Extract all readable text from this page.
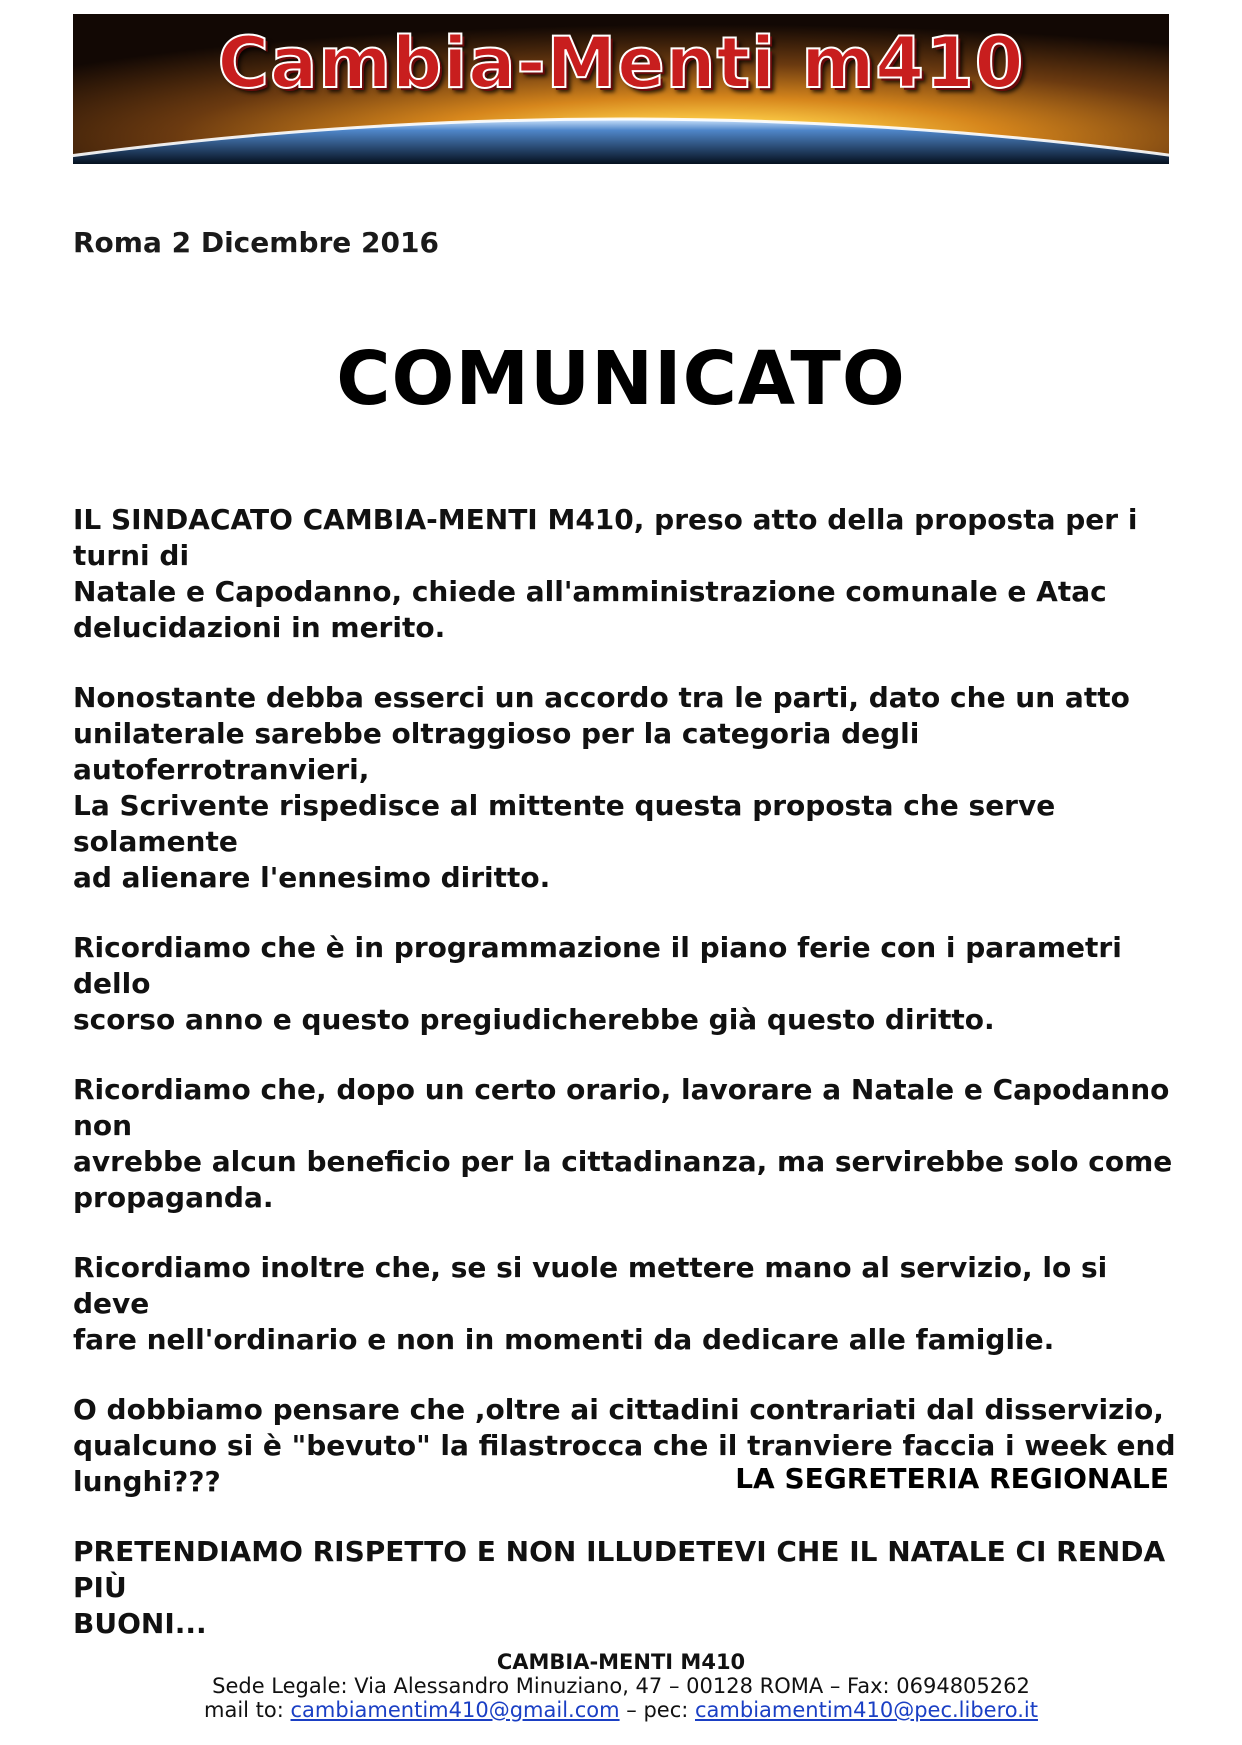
Cambia-Menti m410
Roma 2 Dicembre 2016
COMUNICATO

IL SINDACATO CAMBIA-MENTI M410, preso atto della proposta per i turni di
Natale e Capodanno, chiede all'amministrazione comunale e Atac
delucidazioni in merito.

Nonostante debba esserci un accordo tra le parti, dato che un atto
unilaterale sarebbe oltraggioso per la categoria degli autoferrotranvieri,
La Scrivente rispedisce al mittente questa proposta che serve solamente
ad alienare l'ennesimo diritto.

Ricordiamo che è in programmazione il piano ferie con i parametri dello
scorso anno e questo pregiudicherebbe già questo diritto.

Ricordiamo che, dopo un certo orario, lavorare a Natale e Capodanno non
avrebbe alcun beneficio per la cittadinanza, ma servirebbe solo come
propaganda.

Ricordiamo inoltre che, se si vuole mettere mano al servizio, lo si deve
fare nell'ordinario e non in momenti da dedicare alle famiglie.

O dobbiamo pensare che ,oltre ai cittadini contrariati dal disservizio,
qualcuno si è "bevuto" la filastrocca che il tranviere faccia i week end
lunghi???

PRETENDIAMO RISPETTO E NON ILLUDETEVI CHE IL NATALE CI RENDA PIÙ
BUONI...

LA SEGRETERIA REGIONALE
CAMBIA-MENTI M410
Sede Legale: Via Alessandro Minuziano, 47 – 00128 ROMA – Fax: 0694805262
mail to: cambiamentim410@gmail.com – pec: cambiamentim410@pec.libero.it
